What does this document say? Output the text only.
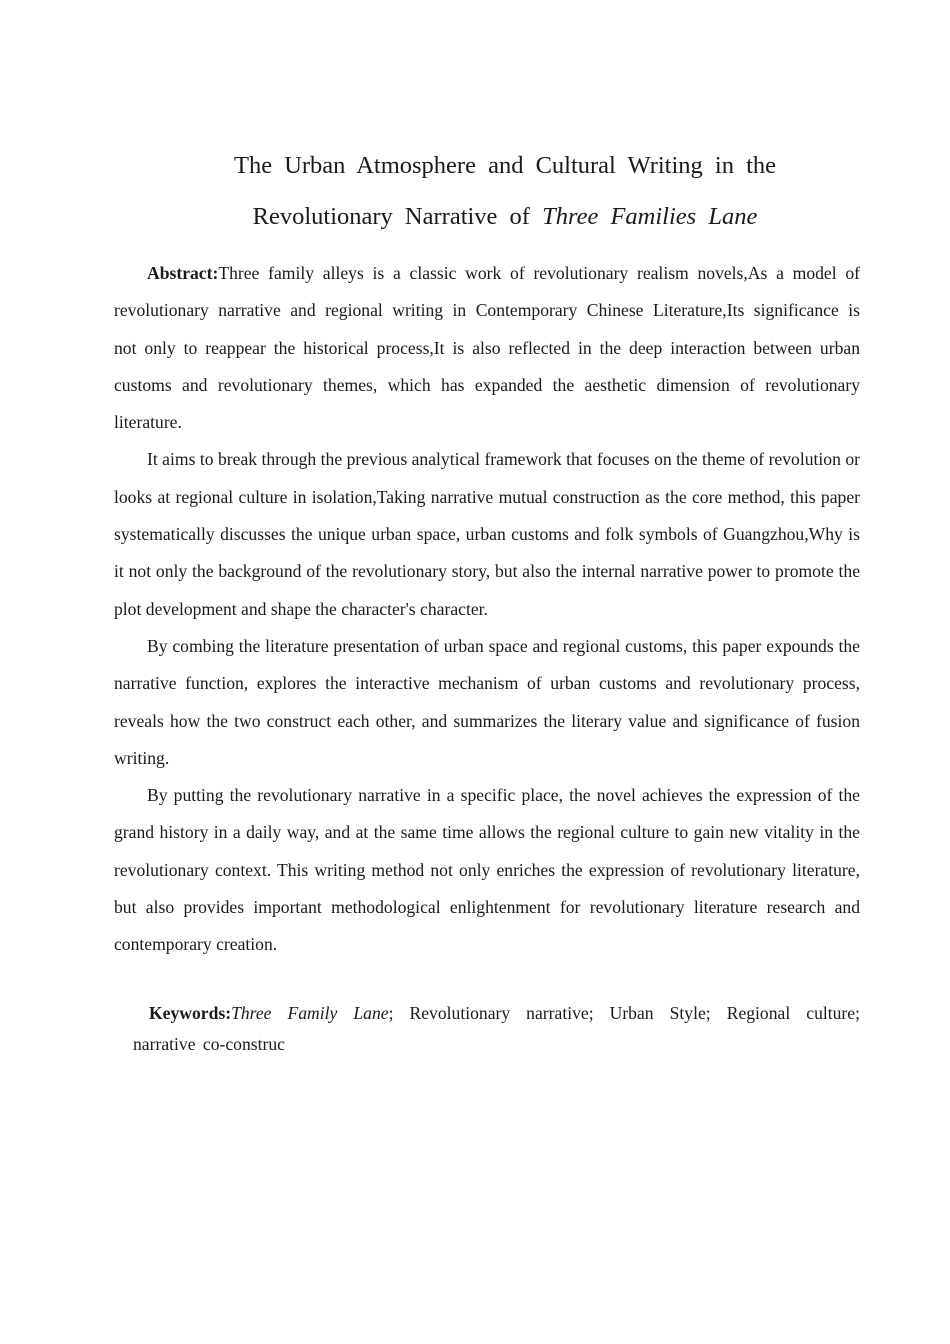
The Urban Atmosphere and Cultural Writing in the
Revolutionary Narrative of Three Families Lane

Abstract:Three family alleys is a classic work of revolutionary realism novels,As a model of revolutionary narrative and regional writing in Contemporary Chinese Literature,Its significance is not only to reappear the historical process,It is also reflected in the deep interaction between urban customs and revolutionary themes, which has expanded the aesthetic dimension of revolutionary literature.

It aims to break through the previous analytical framework that focuses on the theme of revolution or looks at regional culture in isolation,Taking narrative mutual construction as the core method, this paper systematically discusses the unique urban space, urban customs and folk symbols of Guangzhou,Why is it not only the background of the revolutionary story, but also the internal narrative power to promote the plot development and shape the character's character.

By combing the literature presentation of urban space and regional customs, this paper expounds the narrative function, explores the interactive mechanism of urban customs and revolutionary process, reveals how the two construct each other, and summarizes the literary value and significance of fusion writing.

By putting the revolutionary narrative in a specific place, the novel achieves the expression of the grand history in a daily way, and at the same time allows the regional culture to gain new vitality in the revolutionary context. This writing method not only enriches the expression of revolutionary literature, but also provides important methodological enlightenment for revolutionary literature research and contemporary creation.

Keywords:Three Family Lane; Revolutionary narrative; Urban Style; Regional culture; narrative co-construc
